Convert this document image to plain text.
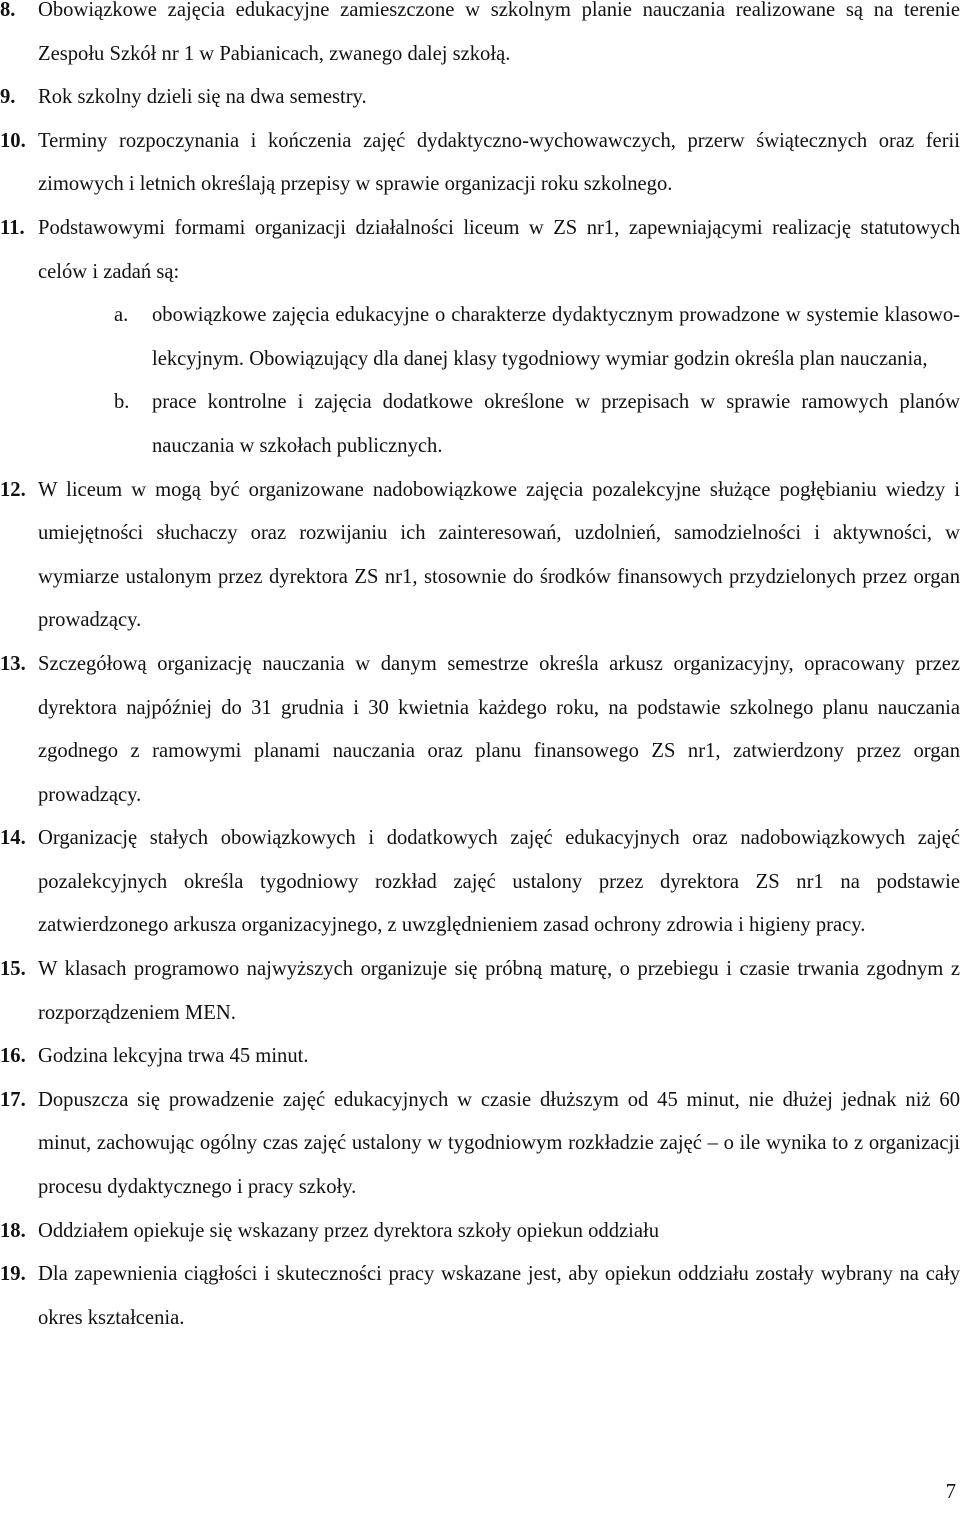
8. Obowiązkowe zajęcia edukacyjne zamieszczone w szkolnym planie nauczania realizowane są na terenie Zespołu Szkół nr 1 w Pabianicach, zwanego dalej szkołą.

9. Rok szkolny dzieli się na dwa semestry.

10. Terminy rozpoczynania i kończenia zajęć dydaktyczno-wychowawczych, przerw świątecznych oraz ferii zimowych i letnich określają przepisy w sprawie organizacji roku szkolnego.

11. Podstawowymi formami organizacji działalności liceum w ZS nr1, zapewniającymi realizację statutowych celów i zadań są:

a. obowiązkowe zajęcia edukacyjne o charakterze dydaktycznym prowadzone w systemie klasowo-lekcyjnym. Obowiązujący dla danej klasy tygodniowy wymiar godzin określa plan nauczania,

b. prace kontrolne i zajęcia dodatkowe określone w przepisach w sprawie ramowych planów nauczania w szkołach publicznych.

12. W liceum w mogą być organizowane nadobowiązkowe zajęcia pozalekcyjne służące pogłębianiu wiedzy i umiejętności słuchaczy oraz rozwijaniu ich zainteresowań, uzdolnień, samodzielności i aktywności, w wymiarze ustalonym przez dyrektora ZS nr1, stosownie do środków finansowych przydzielonych przez organ prowadzący.

13. Szczegółową organizację nauczania w danym semestrze określa arkusz organizacyjny, opracowany przez dyrektora najpóźniej do 31 grudnia i 30 kwietnia każdego roku, na podstawie szkolnego planu nauczania zgodnego z ramowymi planami nauczania oraz planu finansowego ZS nr1, zatwierdzony przez organ prowadzący.

14. Organizację stałych obowiązkowych i dodatkowych zajęć edukacyjnych oraz nadobowiązkowych zajęć pozalekcyjnych określa tygodniowy rozkład zajęć ustalony przez dyrektora ZS nr1 na podstawie zatwierdzonego arkusza organizacyjnego, z uwzględnieniem zasad ochrony zdrowia i higieny pracy.

15. W klasach programowo najwyższych organizuje się próbną maturę, o przebiegu i czasie trwania zgodnym z rozporządzeniem MEN.

16. Godzina lekcyjna trwa 45 minut.

17. Dopuszcza się prowadzenie zajęć edukacyjnych w czasie dłuższym od 45 minut, nie dłużej jednak niż 60 minut, zachowując ogólny czas zajęć ustalony w tygodniowym rozkładzie zajęć – o ile wynika to z organizacji procesu dydaktycznego i pracy szkoły.

18. Oddziałem opiekuje się wskazany przez dyrektora szkoły opiekun oddziału

19. Dla zapewnienia ciągłości i skuteczności pracy wskazane jest, aby opiekun oddziału zostały wybrany na cały okres kształcenia.

7
